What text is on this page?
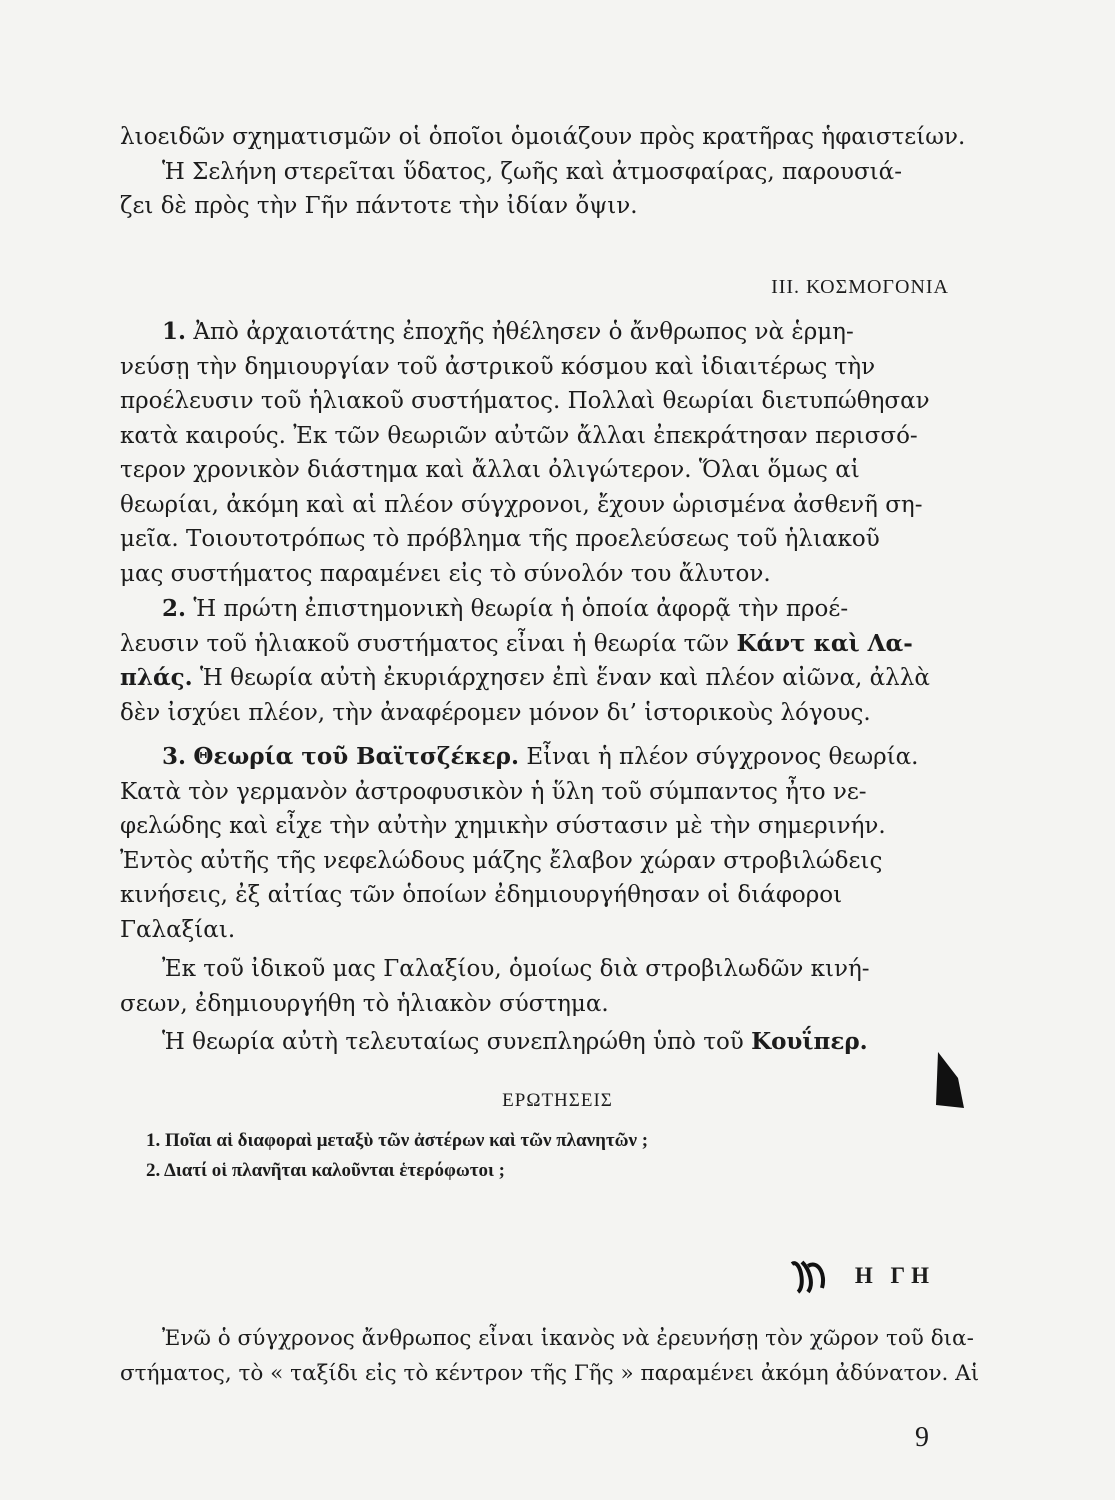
λιοειδῶν σχηματισμῶν οἱ ὁποῖοι ὁμοιάζουν πρὸς κρατῆρας ἡφαιστείων.
Ἡ Σελήνη στερεῖται ὕδατος, ζωῆς καὶ ἀτμοσφαίρας, παρουσιά-
ζει δὲ πρὸς τὴν Γῆν πάντοτε τὴν ἰδίαν ὄψιν.

III. ΚΟΣΜΟΓΟΝΙΑ

1. Ἀπὸ ἀρχαιοτάτης ἐποχῆς ἠθέλησεν ὁ ἄνθρωπος νὰ ἑρμη-
νεύσῃ τὴν δημιουργίαν τοῦ ἀστρικοῦ κόσμου καὶ ἰδιαιτέρως τὴν
προέλευσιν τοῦ ἡλιακοῦ συστήματος. Πολλαὶ θεωρίαι διετυπώθησαν
κατὰ καιρούς. Ἐκ τῶν θεωριῶν αὐτῶν ἄλλαι ἐπεκράτησαν περισσό-
τερον χρονικὸν διάστημα καὶ ἄλλαι ὀλιγώτερον. Ὅλαι ὅμως αἱ
θεωρίαι, ἀκόμη καὶ αἱ πλέον σύγχρονοι, ἔχουν ὡρισμένα ἀσθενῆ ση-
μεῖα. Τοιουτοτρόπως τὸ πρόβλημα τῆς προελεύσεως τοῦ ἡλιακοῦ
μας συστήματος παραμένει εἰς τὸ σύνολόν του ἄλυτον.

2. Ἡ πρώτη ἐπιστημονικὴ θεωρία ἡ ὁποία ἀφορᾷ τὴν προέ-
λευσιν τοῦ ἡλιακοῦ συστήματος εἶναι ἡ θεωρία τῶν Κάντ καὶ Λα-
πλάς. Ἡ θεωρία αὐτὴ ἐκυριάρχησεν ἐπὶ ἕναν καὶ πλέον αἰῶνα, ἀλλὰ
δὲν ἰσχύει πλέον, τὴν ἀναφέρομεν μόνον δι’ ἱστορικοὺς λόγους.

3. Θεωρία τοῦ Βαϊτσζέκερ. Εἶναι ἡ πλέον σύγχρονος θεωρία.
Κατὰ τὸν γερμανὸν ἀστροφυσικὸν ἡ ὕλη τοῦ σύμπαντος ἦτο νε-
φελώδης καὶ εἶχε τὴν αὐτὴν χημικὴν σύστασιν μὲ τὴν σημερινήν.
Ἐντὸς αὐτῆς τῆς νεφελώδους μάζης ἔλαβον χώραν στροβιλώδεις
κινήσεις, ἐξ αἰτίας τῶν ὁποίων ἐδημιουργήθησαν οἱ διάφοροι
Γαλαξίαι.

Ἐκ τοῦ ἰδικοῦ μας Γαλαξίου, ὁμοίως διὰ στροβιλωδῶν κινή-
σεων, ἐδημιουργήθη τὸ ἡλιακὸν σύστημα.

Ἡ θεωρία αὐτὴ τελευταίως συνεπληρώθη ὑπὸ τοῦ Κουΐπερ.

ΕΡΩΤΗΣΕΙΣ
1. Ποῖαι αἱ διαφοραὶ μεταξὺ τῶν ἀστέρων καὶ τῶν πλανητῶν ;
2. Διατί οἱ πλανῆται καλοῦνται ἑτερόφωτοι ;
Η ΓΗ

Ἐνῶ ὁ σύγχρονος ἄνθρωπος εἶναι ἱκανὸς νὰ ἐρευνήσῃ τὸν χῶρον τοῦ δια-
στήματος, τὸ « ταξίδι εἰς τὸ κέντρον τῆς Γῆς » παραμένει ἀκόμη ἀδύνατον. Αἱ

9
